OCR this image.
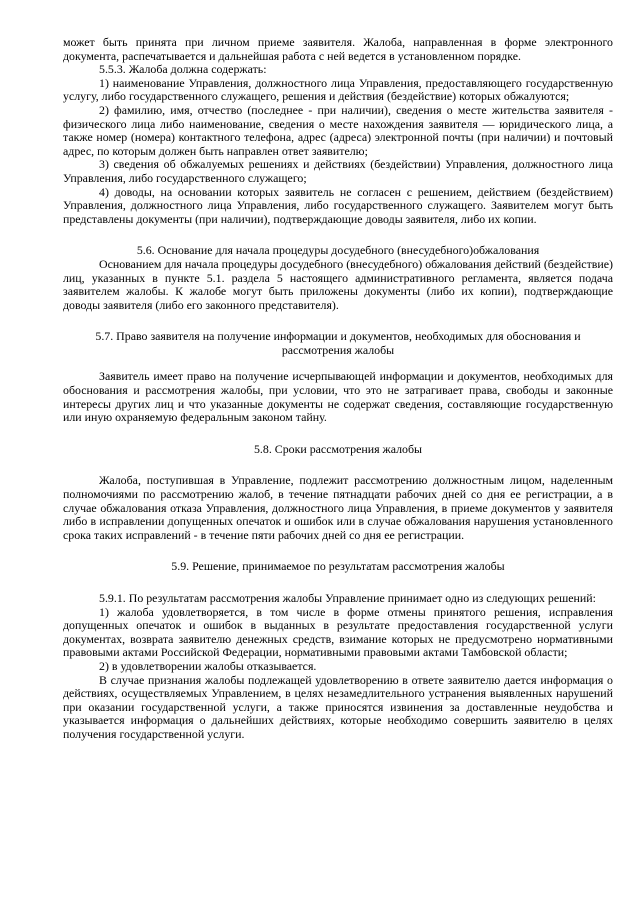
может быть принята при личном приеме заявителя. Жалоба, направленная в форме электронного документа, распечатывается и дальнейшая работа с ней ведется в установленном порядке.

5.5.3. Жалоба должна содержать:

1) наименование Управления, должностного лица Управления, предоставляющего государственную услугу, либо государственного служащего, решения и действия (бездействие) которых обжалуются;

2) фамилию, имя, отчество (последнее - при наличии), сведения о месте жительства заявителя - физического лица либо наименование, сведения о месте нахождения заявителя — юридического лица, а также номер (номера) контактного телефона, адрес (адреса) электронной почты (при наличии) и почтовый адрес, по которым должен быть направлен ответ заявителю;

3) сведения об обжалуемых решениях и действиях (бездействии) Управления, должностного лица Управления, либо государственного служащего;

4) доводы, на основании которых заявитель не согласен с решением, действием (бездействием) Управления, должностного лица Управления, либо государственного служащего. Заявителем могут быть представлены документы (при наличии), подтверждающие доводы заявителя, либо их копии.

5.6. Основание для начала процедуры досудебного (внесудебного)обжалования

Основанием для начала процедуры досудебного (внесудебного) обжалования действий (бездействие) лиц, указанных в пункте 5.1. раздела 5 настоящего административного регламента, является подача заявителем жалобы. К жалобе могут быть приложены документы (либо их копии), подтверждающие доводы заявителя (либо его законного представителя).

5.7. Право заявителя на получение информации и документов, необходимых для обоснования и рассмотрения жалобы

Заявитель имеет право на получение исчерпывающей информации и документов, необходимых для обоснования и рассмотрения жалобы, при условии, что это не затрагивает права, свободы и законные интересы других лиц и что указанные документы не содержат сведения, составляющие государственную или иную охраняемую федеральным законом тайну.

5.8. Сроки рассмотрения жалобы

Жалоба, поступившая в Управление, подлежит рассмотрению должностным лицом, наделенным полномочиями по рассмотрению жалоб, в течение пятнадцати рабочих дней со дня ее регистрации, а в случае обжалования отказа Управления, должностного лица Управления, в приеме документов у заявителя либо в исправлении допущенных опечаток и ошибок или в случае обжалования нарушения установленного срока таких исправлений - в течение пяти рабочих дней со дня ее регистрации.

5.9. Решение, принимаемое по результатам рассмотрения жалобы

5.9.1. По результатам рассмотрения жалобы Управление принимает одно из следующих решений:

1) жалоба удовлетворяется, в том числе в форме отмены принятого решения, исправления допущенных опечаток и ошибок в выданных в результате предоставления государственной услуги документах, возврата заявителю денежных средств, взимание которых не предусмотрено нормативными правовыми актами Российской Федерации, нормативными правовыми актами Тамбовской области;

2) в удовлетворении жалобы отказывается.

В случае признания жалобы подлежащей удовлетворению в ответе заявителю дается информация о действиях, осуществляемых Управлением, в целях незамедлительного устранения выявленных нарушений при оказании государственной услуги, а также приносятся извинения за доставленные неудобства и указывается информация о дальнейших действиях, которые необходимо совершить заявителю в целях получения государственной услуги.
